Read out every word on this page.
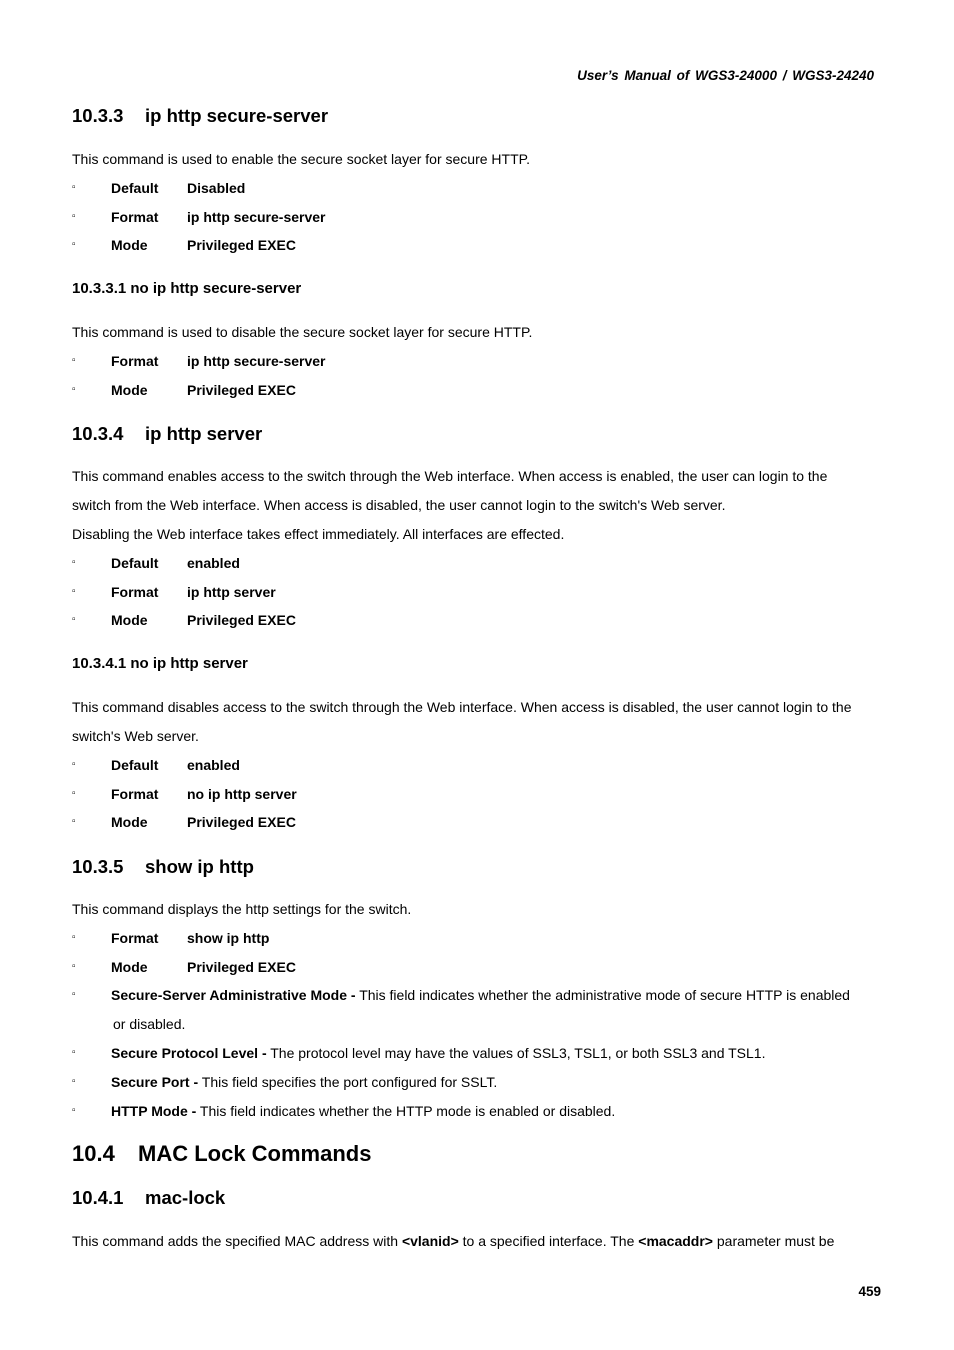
User’s Manual of WGS3-24000 / WGS3-24240
10.3.3 ip http secure-server
This command is used to enable the secure socket layer for secure HTTP.
▫	Default Disabled
▫	Format ip http secure-server
▫	Mode	Privileged EXEC
10.3.3.1 no ip http secure-server
This command is used to disable the secure socket layer for secure HTTP.
▫	Format ip http secure-server
▫	Mode	Privileged EXEC
10.3.4 ip http server
This command enables access to the switch through the Web interface. When access is enabled, the user can login to the
switch from the Web interface. When access is disabled, the user cannot login to the switch's Web server.
Disabling the Web interface takes effect immediately. All interfaces are effected.
▫	Default enabled
▫	Format ip http server
▫	Mode	Privileged EXEC
10.3.4.1 no ip http server
This command disables access to the switch through the Web interface. When access is disabled, the user cannot login to the
switch's Web server.
▫	Default enabled
▫	Format no ip http server
▫	Mode	Privileged EXEC
10.3.5 show ip http
This command displays the http settings for the switch.
▫	Format show ip http
▫	Mode	Privileged EXEC
▫	Secure-Server Administrative Mode - This field indicates whether the administrative mode of secure HTTP is enabled
or disabled.
▫	Secure Protocol Level - The protocol level may have the values of SSL3, TSL1, or both SSL3 and TSL1.
▫	Secure Port - This field specifies the port configured for SSLT.
▫	HTTP Mode - This field indicates whether the HTTP mode is enabled or disabled.
10.4 MAC Lock Commands
10.4.1 mac-lock
This command adds the specified MAC address with <vlanid> to a specified interface. The <macaddr> parameter must be
459
